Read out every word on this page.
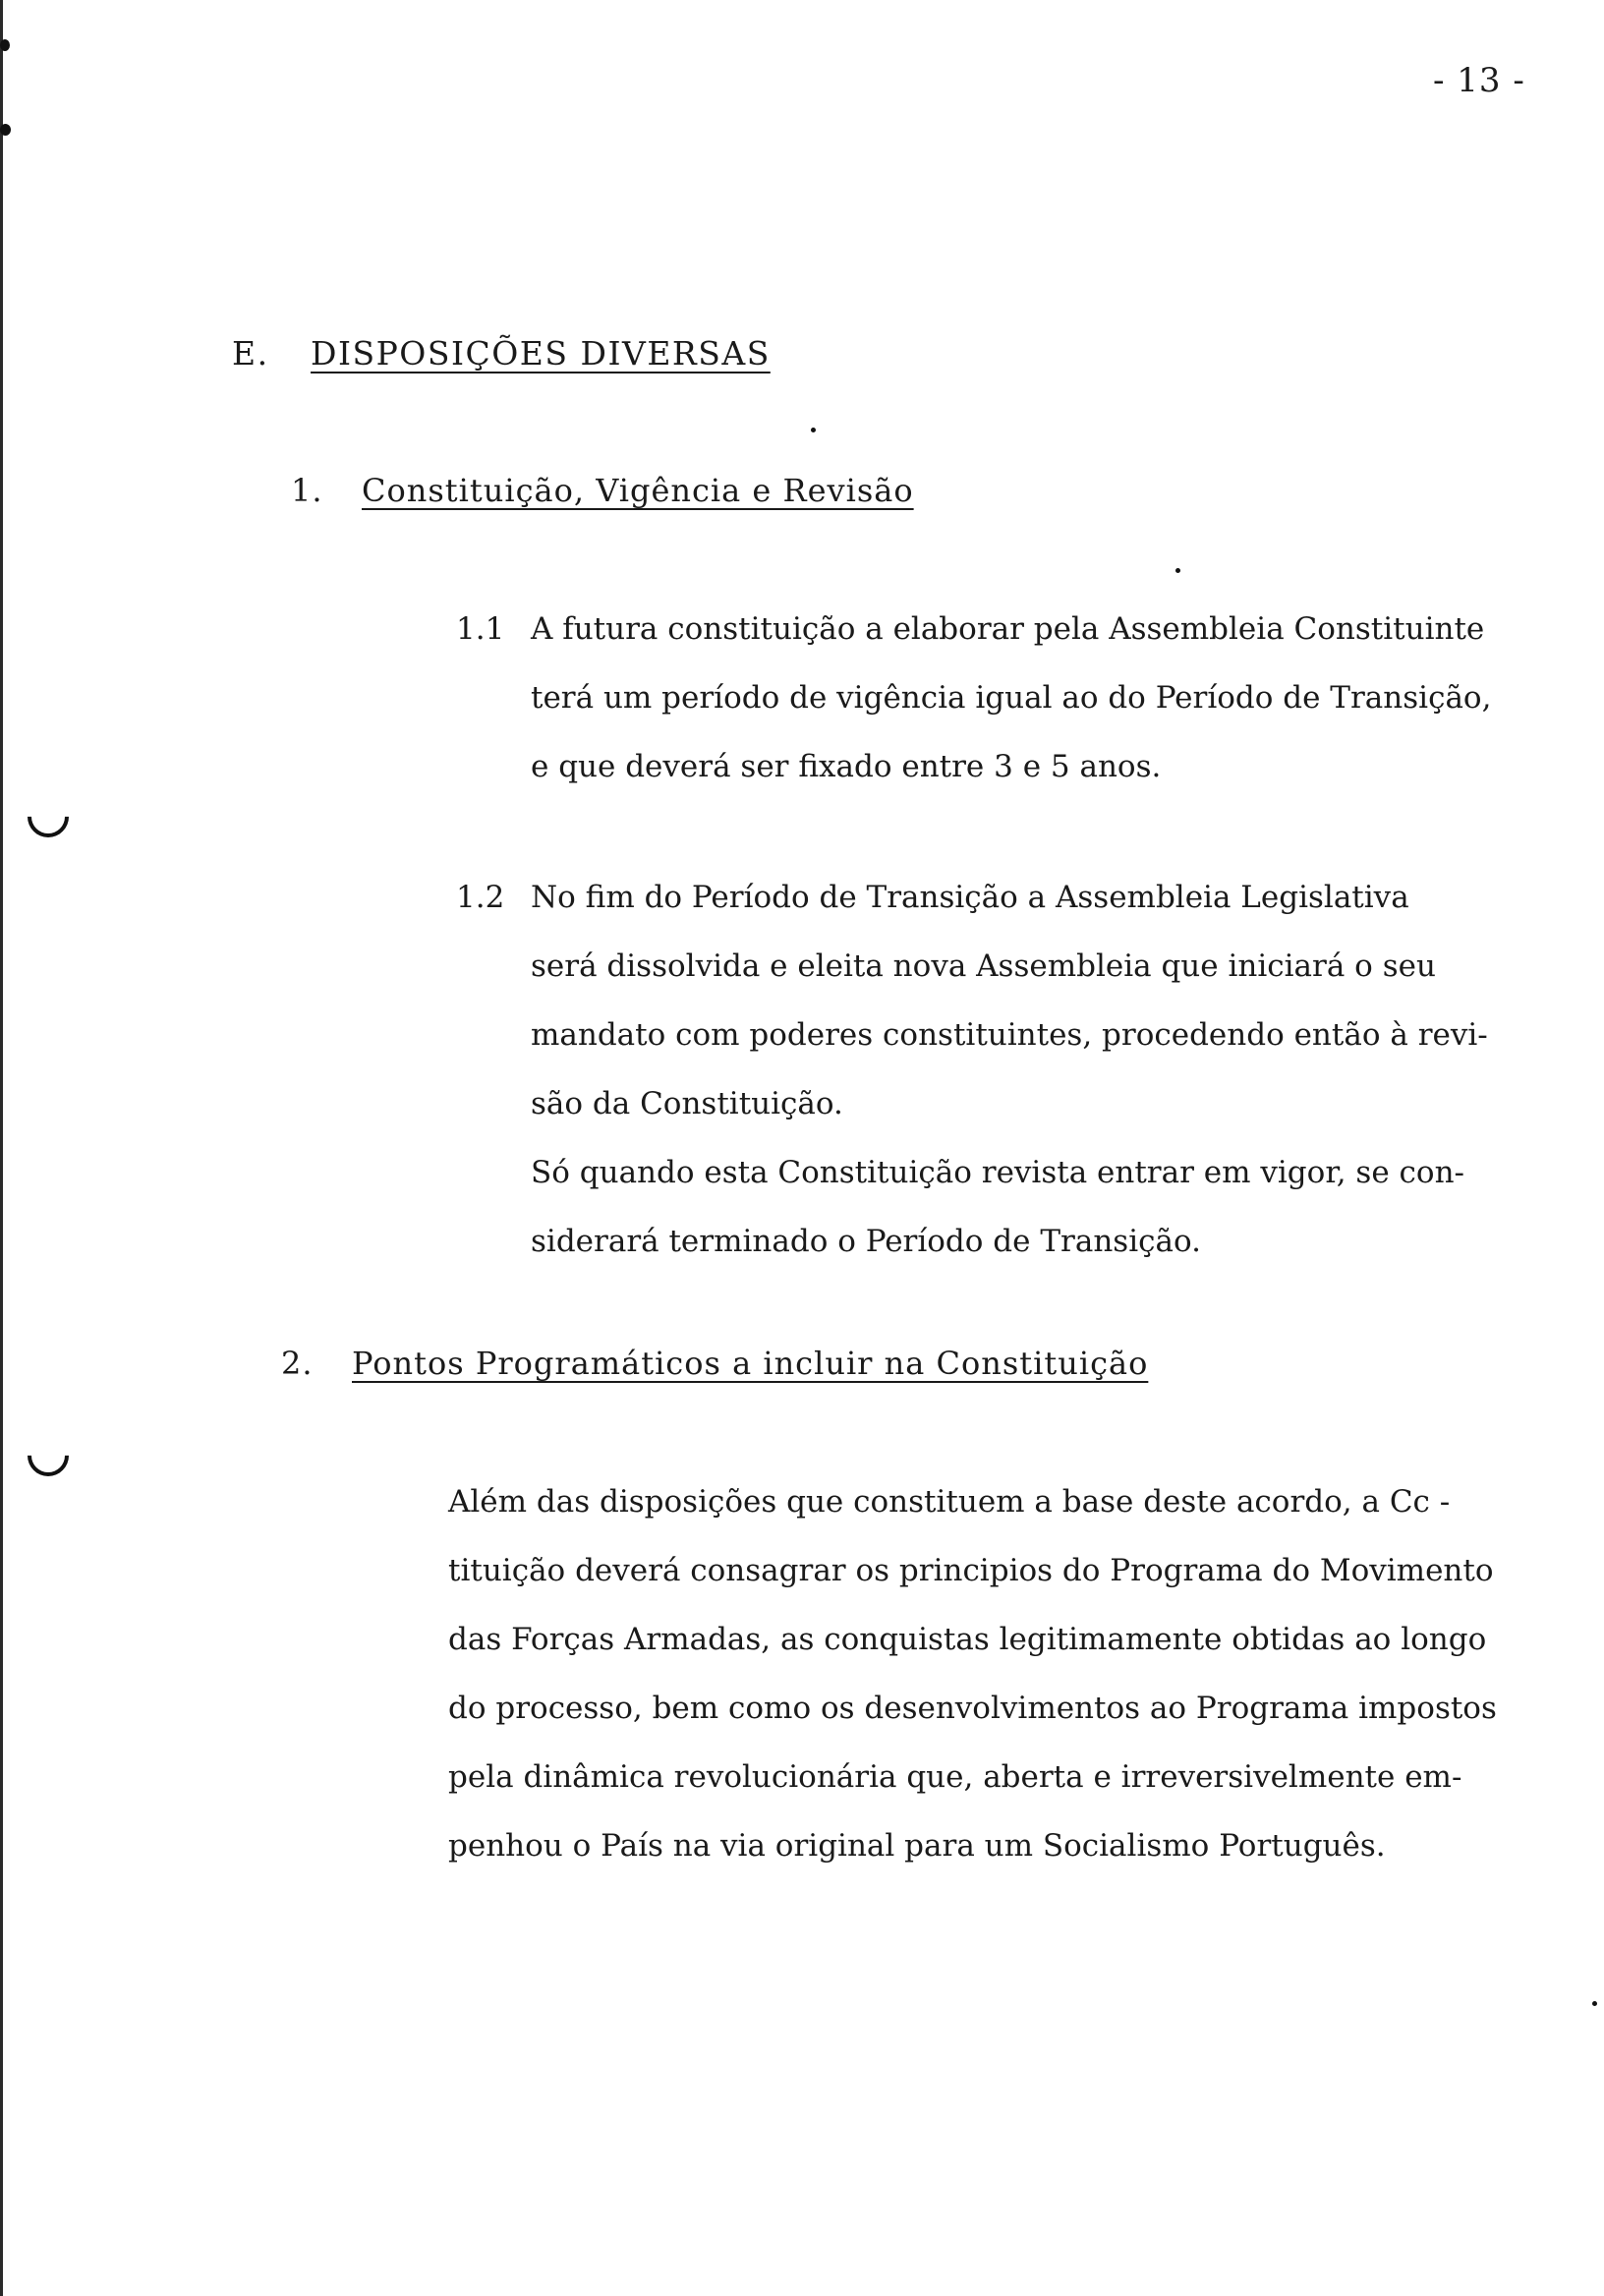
- 13 -
E. DISPOSIÇÕES DIVERSAS
1. Constituição, Vigência e Revisão
1.1 A futura constituição a elaborar pela Assembleia Constituinte
terá um período de vigência igual ao do Período de Transição,
e que deverá ser fixado entre 3 e 5 anos.
1.2 No fim do Período de Transição a Assembleia Legislativa
será dissolvida e eleita nova Assembleia que iniciará o seu
mandato com poderes constituintes, procedendo então à revi-
são da Constituição.
Só quando esta Constituição revista entrar em vigor, se con-
siderará terminado o Período de Transição.
2. Pontos Programáticos a incluir na Constituição
Além das disposições que constituem a base deste acordo, a Cc -
tituição deverá consagrar os principios do Programa do Movimento
das Forças Armadas, as conquistas legitimamente obtidas ao longo
do processo, bem como os desenvolvimentos ao Programa impostos
pela dinâmica revolucionária que, aberta e irreversivelmente em-
penhou o País na via original para um Socialismo Português.
